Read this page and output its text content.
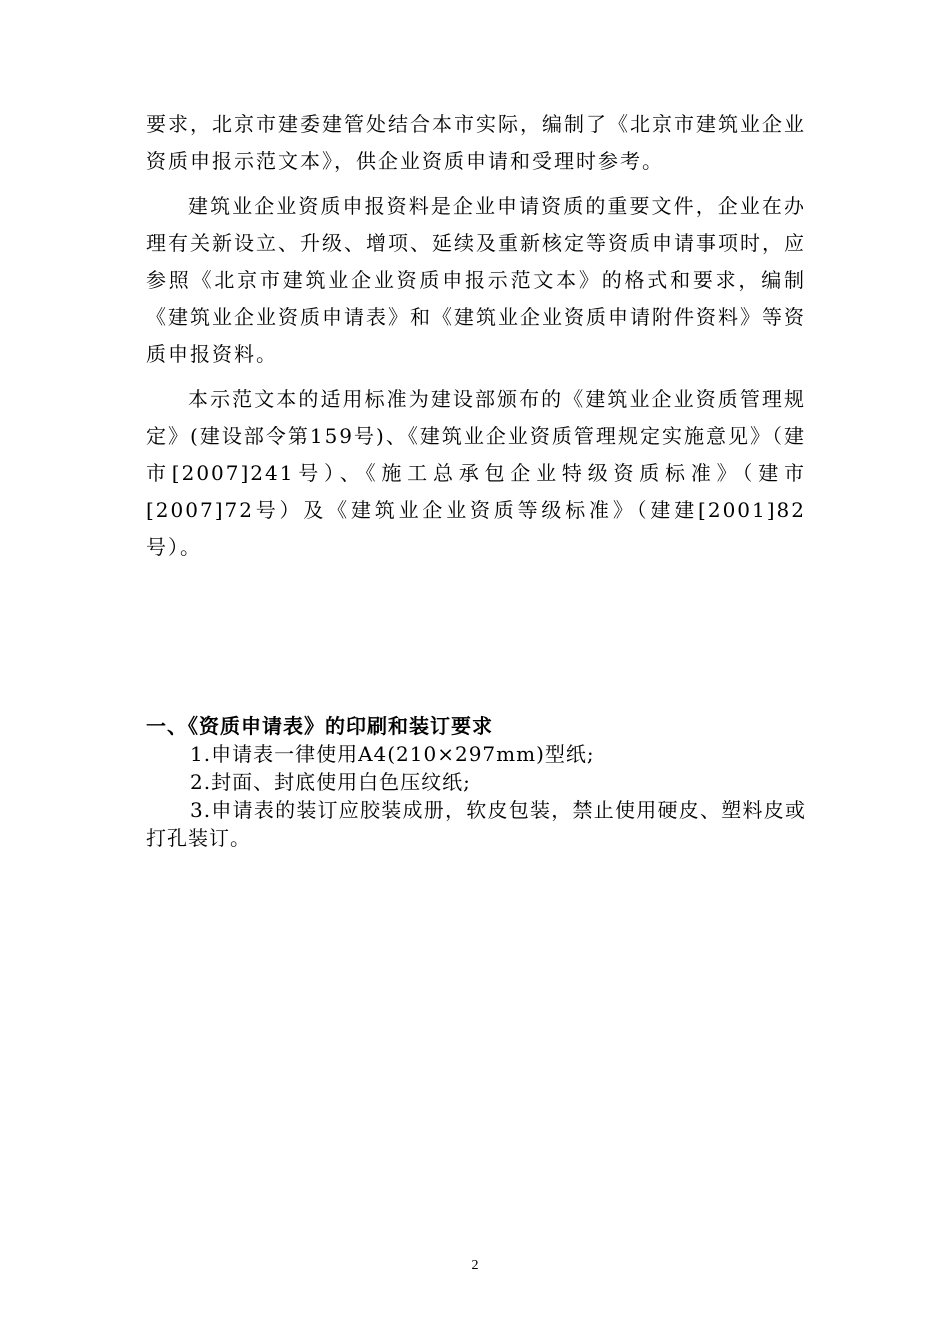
要求，北京市建委建管处结合本市实际，编制了《北京市建筑业企业资质申报示范文本》，供企业资质申请和受理时参考。

建筑业企业资质申报资料是企业申请资质的重要文件，企业在办理有关新设立、升级、增项、延续及重新核定等资质申请事项时，应参照《北京市建筑业企业资质申报示范文本》的格式和要求，编制《建筑业企业资质申请表》和《建筑业企业资质申请附件资料》等资质申报资料。

本示范文本的适用标准为建设部颁布的《建筑业企业资质管理规定》(建设部令第159号)、《建筑业企业资质管理规定实施意见》（建市[2007]241号）、《施工总承包企业特级资质标准》（建市[2007]72号）及《建筑业企业资质等级标准》（建建[2001]82号）。

一、《资质申请表》的印刷和装订要求

1.申请表一律使用A4(210×297mm)型纸;

2.封面、封底使用白色压纹纸;

3.申请表的装订应胶装成册，软皮包装，禁止使用硬皮、塑料皮或打孔装订。

2
